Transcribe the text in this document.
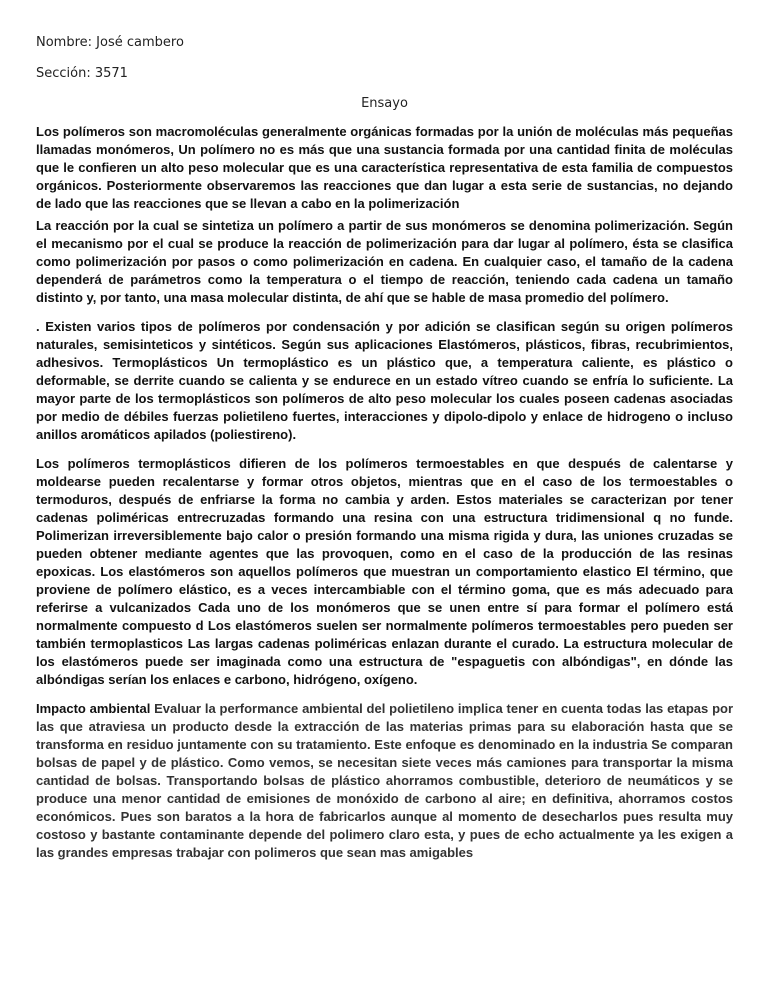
Nombre: José cambero

Sección: 3571

Ensayo

Los polímeros son macromoléculas generalmente orgánicas formadas por la unión de moléculas más pequeñas llamadas monómeros, Un polímero no es más que una sustancia formada por una cantidad finita de moléculas que le confieren un alto peso molecular que es una característica representativa de esta familia de compuestos orgánicos. Posteriormente observaremos las reacciones que dan lugar a esta serie de sustancias, no dejando de lado que las reacciones que se llevan a cabo en la polimerización

La reacción por la cual se sintetiza un polímero a partir de sus monómeros se denomina polimerización. Según el mecanismo por el cual se produce la reacción de polimerización para dar lugar al polímero, ésta se clasifica como polimerización por pasos o como polimerización en cadena. En cualquier caso, el tamaño de la cadena dependerá de parámetros como la temperatura o el tiempo de reacción, teniendo cada cadena un tamaño distinto y, por tanto, una masa molecular distinta, de ahí que se hable de masa promedio del polímero.

. Existen varios tipos de polímeros por condensación y por adición se clasifican según su origen polímeros naturales, semisinteticos y sintéticos. Según sus aplicaciones Elastómeros, plásticos, fibras, recubrimientos, adhesivos. Termoplásticos Un termoplástico es un plástico que, a temperatura caliente, es plástico o deformable, se derrite cuando se calienta y se endurece en un estado vítreo cuando se enfría lo suficiente. La mayor parte de los termoplásticos son polímeros de alto peso molecular los cuales poseen cadenas asociadas por medio de débiles fuerzas polietileno fuertes, interacciones y dipolo-dipolo y enlace de hidrogeno o incluso anillos aromáticos apilados (poliestireno).

Los polímeros termoplásticos difieren de los polímeros termoestables en que después de calentarse y moldearse pueden recalentarse y formar otros objetos, mientras que en el caso de los termoestables o termoduros, después de enfriarse la forma no cambia y arden. Estos materiales se caracterizan por tener cadenas poliméricas entrecruzadas formando una resina con una estructura tridimensional q no funde. Polimerizan irreversiblemente bajo calor o presión formando una misma rigida y dura, las uniones cruzadas se pueden obtener mediante agentes que las provoquen, como en el caso de la producción de las resinas epoxicas. Los elastómeros son aquellos polímeros que muestran un comportamiento elastico El término, que proviene de polímero elástico, es a veces intercambiable con el término goma, que es más adecuado para referirse a vulcanizados Cada uno de los monómeros que se unen entre sí para formar el polímero está normalmente compuesto d Los elastómeros suelen ser normalmente polímeros termoestables pero pueden ser también termoplasticos Las largas cadenas poliméricas enlazan durante el curado. La estructura molecular de los elastómeros puede ser imaginada como una estructura de "espaguetis con albóndigas", en dónde las albóndigas serían los enlaces e carbono, hidrógeno, oxígeno.

Impacto ambiental Evaluar la performance ambiental del polietileno implica tener en cuenta todas las etapas por las que atraviesa un producto desde la extracción de las materias primas para su elaboración hasta que se transforma en residuo juntamente con su tratamiento. Este enfoque es denominado en la industria Se comparan bolsas de papel y de plástico. Como vemos, se necesitan siete veces más camiones para transportar la misma cantidad de bolsas. Transportando bolsas de plástico ahorramos combustible, deterioro de neumáticos y se produce una menor cantidad de emisiones de monóxido de carbono al aire; en definitiva, ahorramos costos económicos. Pues son baratos a la hora de fabricarlos aunque al momento de desecharlos pues resulta muy costoso y bastante contaminante depende del polimero claro esta, y pues de echo actualmente ya les exigen a las grandes empresas trabajar con polimeros que sean mas amigables
